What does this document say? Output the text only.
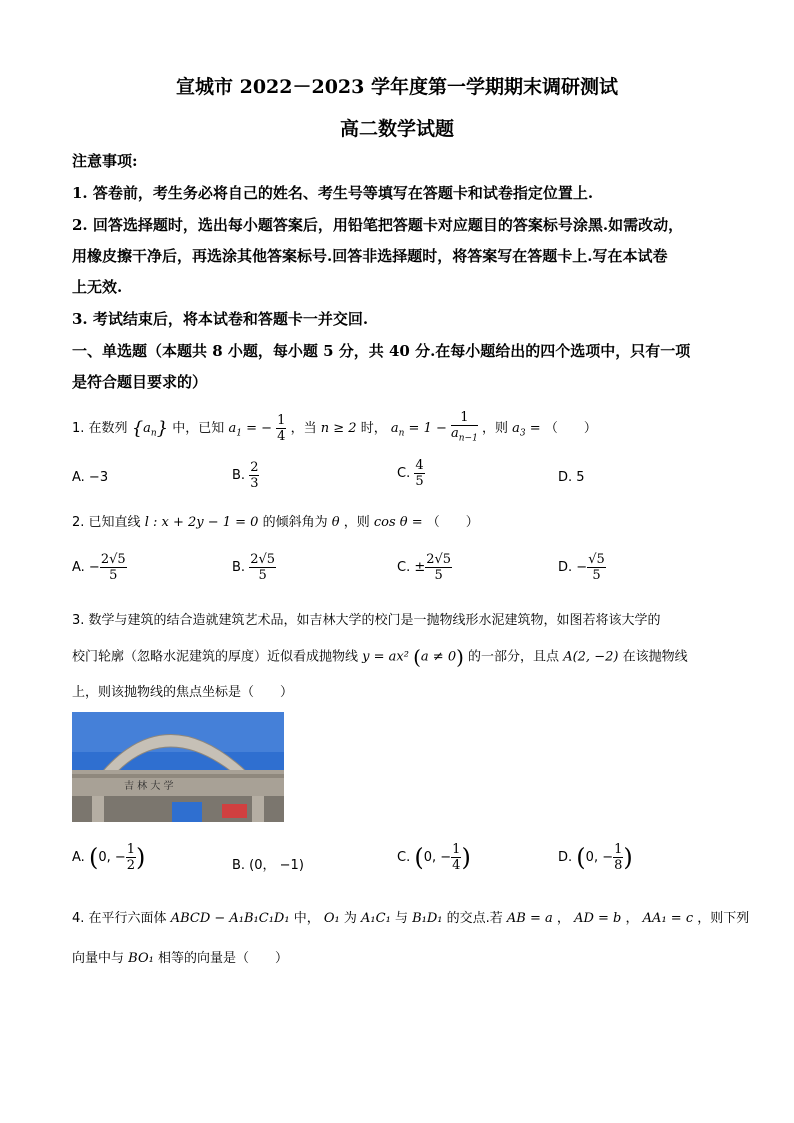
宣城市 2022－2023 学年度第一学期期末调研测试
高二数学试题
注意事项:
1. 答卷前，考生务必将自己的姓名、考生号等填写在答题卡和试卷指定位置上.
2. 回答选择题时，选出每小题答案后，用铅笔把答题卡对应题目的答案标号涂黑.如需改动，
用橡皮擦干净后，再选涂其他答案标号.回答非选择题时，将答案写在答题卡上.写在本试卷
上无效.
3. 考试结束后，将本试卷和答题卡一并交回.
一、单选题（本题共 8 小题，每小题 5 分，共 40 分.在每小题给出的四个选项中，只有一项
是符合题目要求的）
1. 在数列 $\{a_n\}$ 中，已知 $a_1$ = − $\frac{1}{4}$ ，当 n ≥ 2 时， $a_n = 1 - \frac{1}{a_{n-1}}$ ，则 $a_3$ = （　　）
A. −3	B. $\frac{2}{3}$	C. $\frac{4}{5}$	D. 5
2. 已知直线 l : x + 2y − 1 = 0 的倾斜角为 θ ，则 cos θ = （　　）
A. − $\frac{2√5}{5}$	B. $\frac{2√5}{5}$	C. ± $\frac{2√5}{5}$	D. − $\frac{√5}{5}$
3. 数学与建筑的结合造就建筑艺术品，如吉林大学的校门是一抛物线形水泥建筑物，如图若将该大学的
校门轮廓（忽略水泥建筑的厚度）近似看成抛物线 y = ax² (a ≠ 0) 的一部分，且点 A(2, −2) 在该抛物线
上，则该抛物线的焦点坐标是（　　）
吉 林 大 学
A. (0, − $\frac{1}{2}$ )	B. (0， −1)
C. (0, − $\frac{1}{4}$ )	D. (0, − $\frac{1}{8}$ )
4. 在平行六面体 ABCD − A₁B₁C₁D₁ 中， O₁ 为 A₁C₁ 与 B₁D₁ 的交点.若 AB = a ， AD = b ， AA₁ = c ，则下列
向量中与 BO₁ 相等的向量是（　　）
